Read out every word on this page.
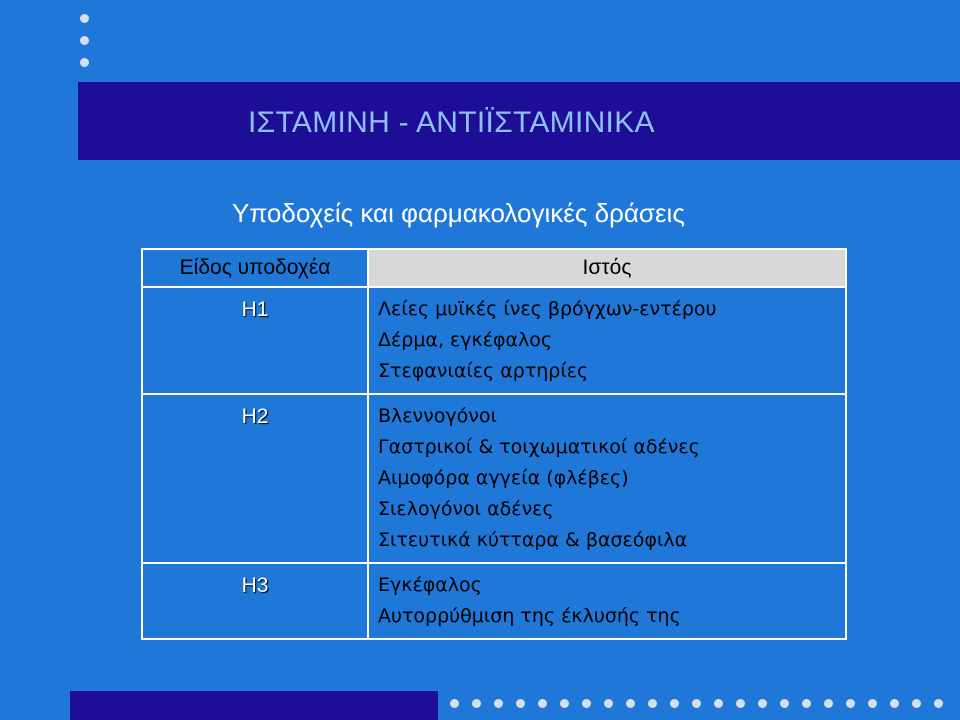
ΙΣΤΑΜΙΝΗ - ΑΝΤΙΪΣΤΑΜΙΝΙΚΑ
Υποδοχείς και φαρμακολογικές δράσεις
Είδος υποδοχέα	Ιστός
H1	Λείες μυϊκές ίνες βρόγχων-εντέρου
Δέρμα, εγκέφαλος
Στεφανιαίες αρτηρίες

H2	Βλεννογόνοι
Γαστρικοί & τοιχωματικοί αδένες
Αιμοφόρα αγγεία (φλέβες)
Σιελογόνοι αδένες
Σιτευτικά κύτταρα & βασεόφιλα

H3	Εγκέφαλος
Αυτορρύθμιση της έκλυσής της
